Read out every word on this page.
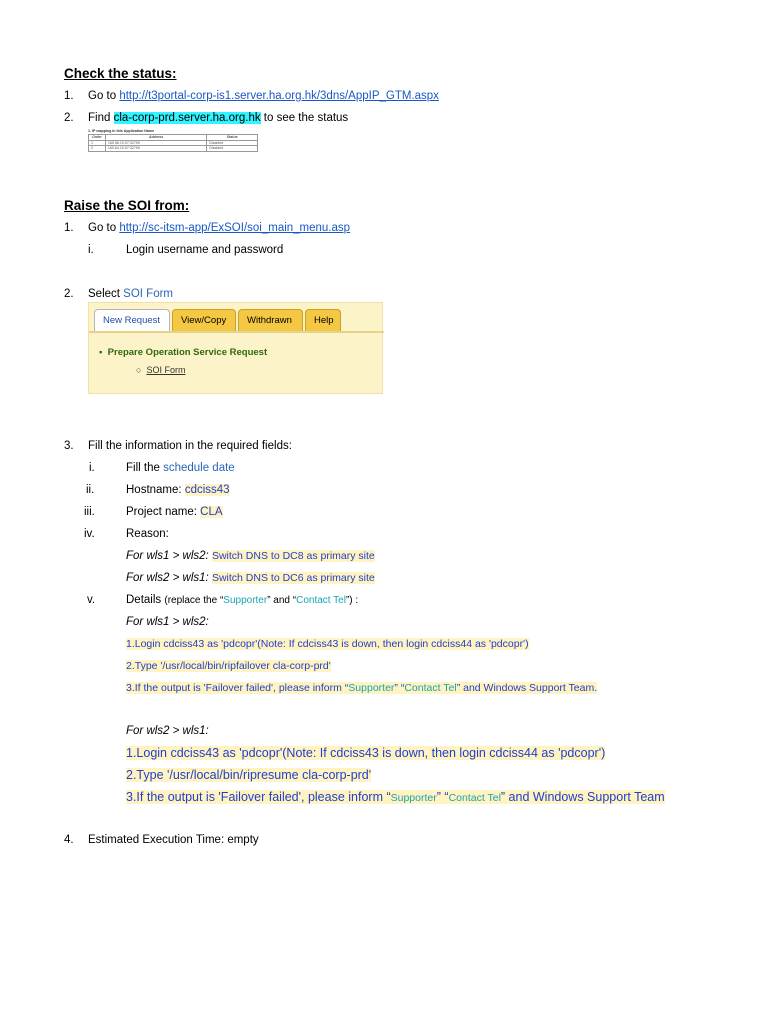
Check the status:
1. Go to http://t3portal-corp-is1.server.ha.org.hk/3dns/AppIP_GTM.aspx
2. Find cla-corp-prd.server.ha.org.hk to see the status
1. IP mapping in this Application Name
Order	Address	Status
1	160.56.10.97:32759	Disabled
2	160.64.10.97:32759	Disabled
Raise the SOI from:
1. Go to http://sc-itsm-app/ExSOI/soi_main_menu.asp
i.	Login username and password
2. Select SOI Form
New Request	View/Copy	Withdrawn	Help
▪  Prepare Operation Service Request
○  SOI Form
3. Fill the information in the required fields:
i.	Fill the schedule date
ii.	Hostname: cdciss43
iii.	Project name: CLA
iv.	Reason:
For wls1 > wls2: Switch DNS to DC8 as primary site
For wls2 > wls1: Switch DNS to DC6 as primary site
v.	Details (replace the “Supporter” and “Contact Tel”) :
For wls1 > wls2:
1.Login cdciss43 as 'pdcopr'(Note: If cdciss43 is down, then login cdciss44 as 'pdcopr')
2.Type '/usr/local/bin/ripfailover cla-corp-prd'
3.If the output is 'Failover failed', please inform “Supporter” “Contact Tel” and Windows Support Team.
For wls2 > wls1:
1.Login cdciss43 as 'pdcopr'(Note: If cdciss43 is down, then login cdciss44 as 'pdcopr')
2.Type '/usr/local/bin/ripresume cla-corp-prd'
3.If the output is 'Failover failed', please inform “Supporter” “Contact Tel” and Windows Support Team
4. Estimated Execution Time: empty
